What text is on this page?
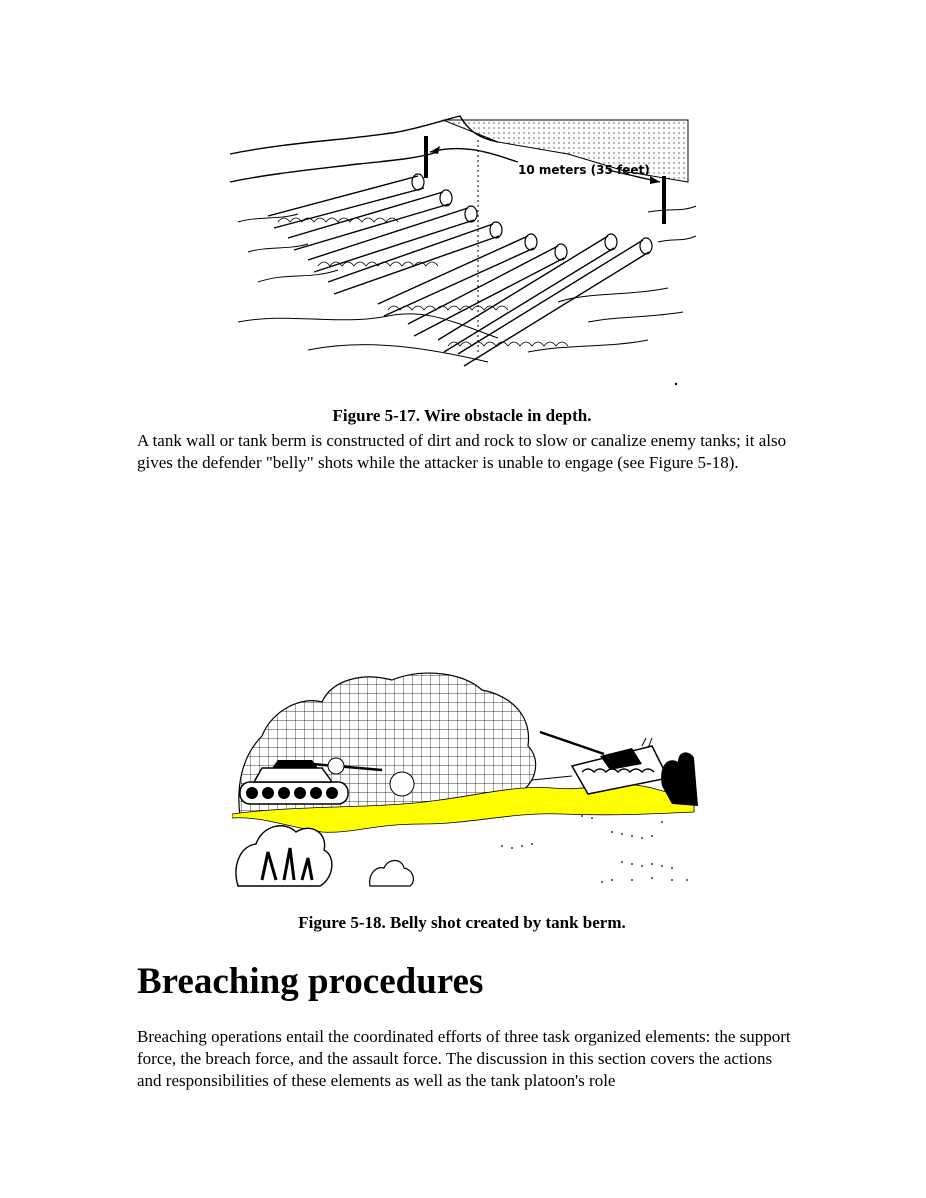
10 meters (35 feet)

Figure 5-17. Wire obstacle in depth.

A tank wall or tank berm is constructed of dirt and rock to slow or canalize enemy tanks; it also gives the defender "belly" shots while the attacker is unable to engage (see Figure 5-18).

Figure 5-18. Belly shot created by tank berm.

Breaching procedures

Breaching operations entail the coordinated efforts of three task organized elements: the support force, the breach force, and the assault force. The discussion in this section covers the actions and responsibilities of these elements as well as the tank platoon's role
